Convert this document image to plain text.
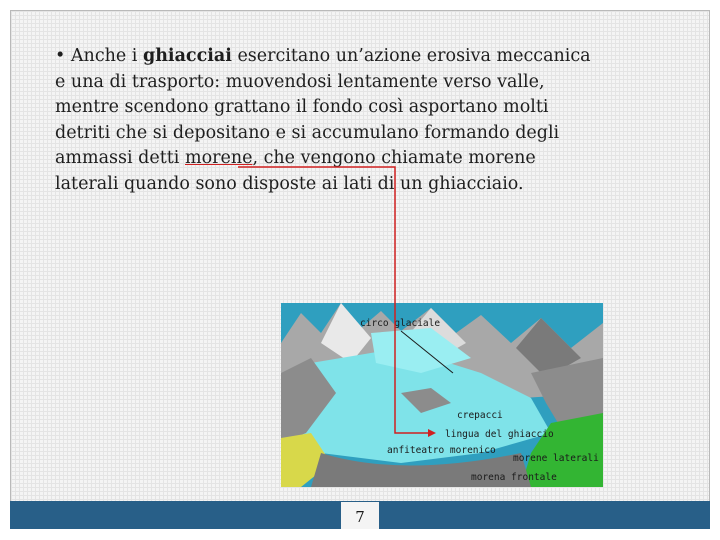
• Anche i ghiacciai esercitano un’azione erosiva meccanica
e una di trasporto: muovendosi lentamente verso valle,
mentre scendono grattano il fondo così asportano molti
detriti che si depositano e si accumulano formando degli
ammassi detti morene, che vengono chiamate morene
laterali quando sono disposte ai lati di un ghiacciaio.

circo glaciale
crepacci
lingua del ghiaccio
anfiteatro morenico
morene laterali
morena frontale
7
